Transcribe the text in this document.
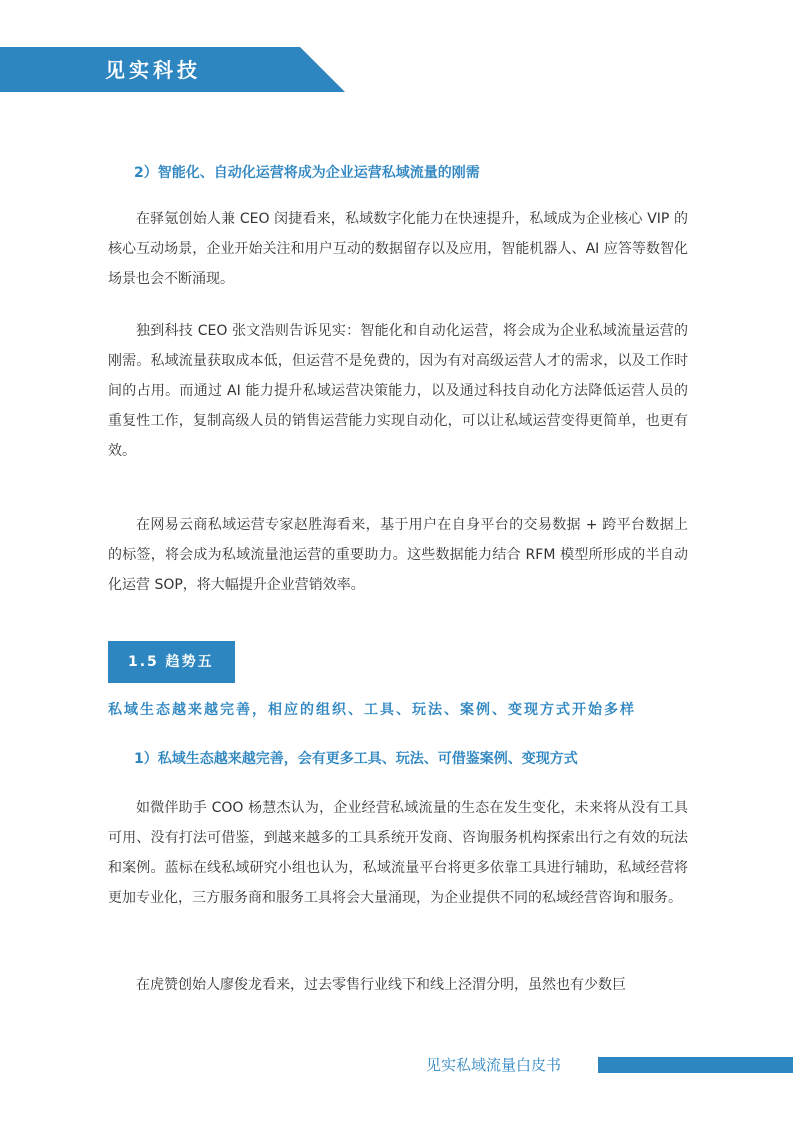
见实科技
2）智能化、自动化运营将成为企业运营私域流量的刚需
在驿氪创始人兼 CEO 闵捷看来，私域数字化能力在快速提升，私域成为企业核心 VIP 的核心互动场景，企业开始关注和用户互动的数据留存以及应用，智能机器人、AI 应答等数智化场景也会不断涌现。
独到科技 CEO 张文浩则告诉见实：智能化和自动化运营，将会成为企业私域流量运营的刚需。私域流量获取成本低，但运营不是免费的，因为有对高级运营人才的需求，以及工作时间的占用。而通过 AI 能力提升私域运营决策能力，以及通过科技自动化方法降低运营人员的重复性工作，复制高级人员的销售运营能力实现自动化，可以让私域运营变得更简单，也更有效。
在网易云商私域运营专家赵胜海看来，基于用户在自身平台的交易数据 + 跨平台数据上的标签，将会成为私域流量池运营的重要助力。这些数据能力结合 RFM 模型所形成的半自动化运营 SOP，将大幅提升企业营销效率。
1.5 趋势五
私域生态越来越完善，相应的组织、工具、玩法、案例、变现方式开始多样
1）私域生态越来越完善，会有更多工具、玩法、可借鉴案例、变现方式
如微伴助手 COO 杨慧杰认为，企业经营私域流量的生态在发生变化，未来将从没有工具可用、没有打法可借鉴，到越来越多的工具系统开发商、咨询服务机构探索出行之有效的玩法和案例。蓝标在线私域研究小组也认为，私域流量平台将更多依靠工具进行辅助，私域经营将更加专业化，三方服务商和服务工具将会大量涌现，为企业提供不同的私域经营咨询和服务。
在虎赞创始人廖俊龙看来，过去零售行业线下和线上泾渭分明，虽然也有少数巨
见实私域流量白皮书
